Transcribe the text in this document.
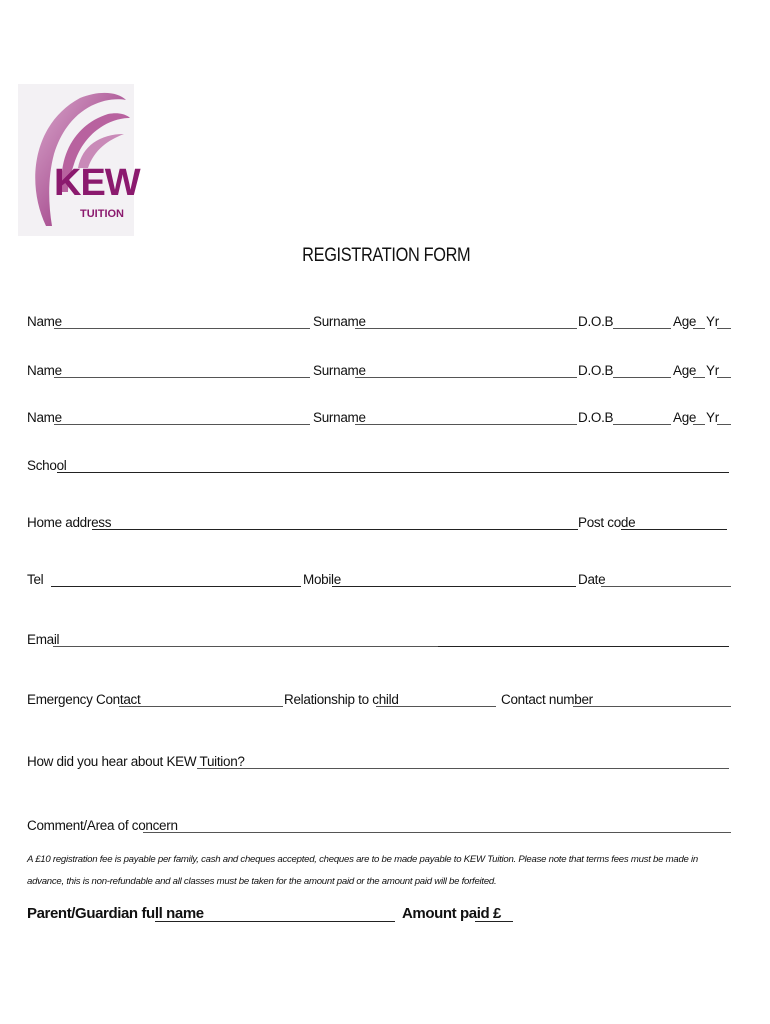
KEW
TUITION
REGISTRATION FORM
Name	Surname	D.O.B	Age Yr
Name	Surname	D.O.B	Age Yr
Name	Surname	D.O.B	Age Yr
School
Home address	Post code
Tel	Mobile	Date
Email
Emergency Contact	Relationship to child	Contact number
How did you hear about KEW Tuition?
Comment/Area of concern
A £10 registration fee is payable per family, cash and cheques accepted, cheques are to be made payable to KEW Tuition. Please note that terms fees must be made in advance, this is non-refundable and all classes must be taken for the amount paid or the amount paid will be forfeited.
Parent/Guardian full name	Amount paid £
